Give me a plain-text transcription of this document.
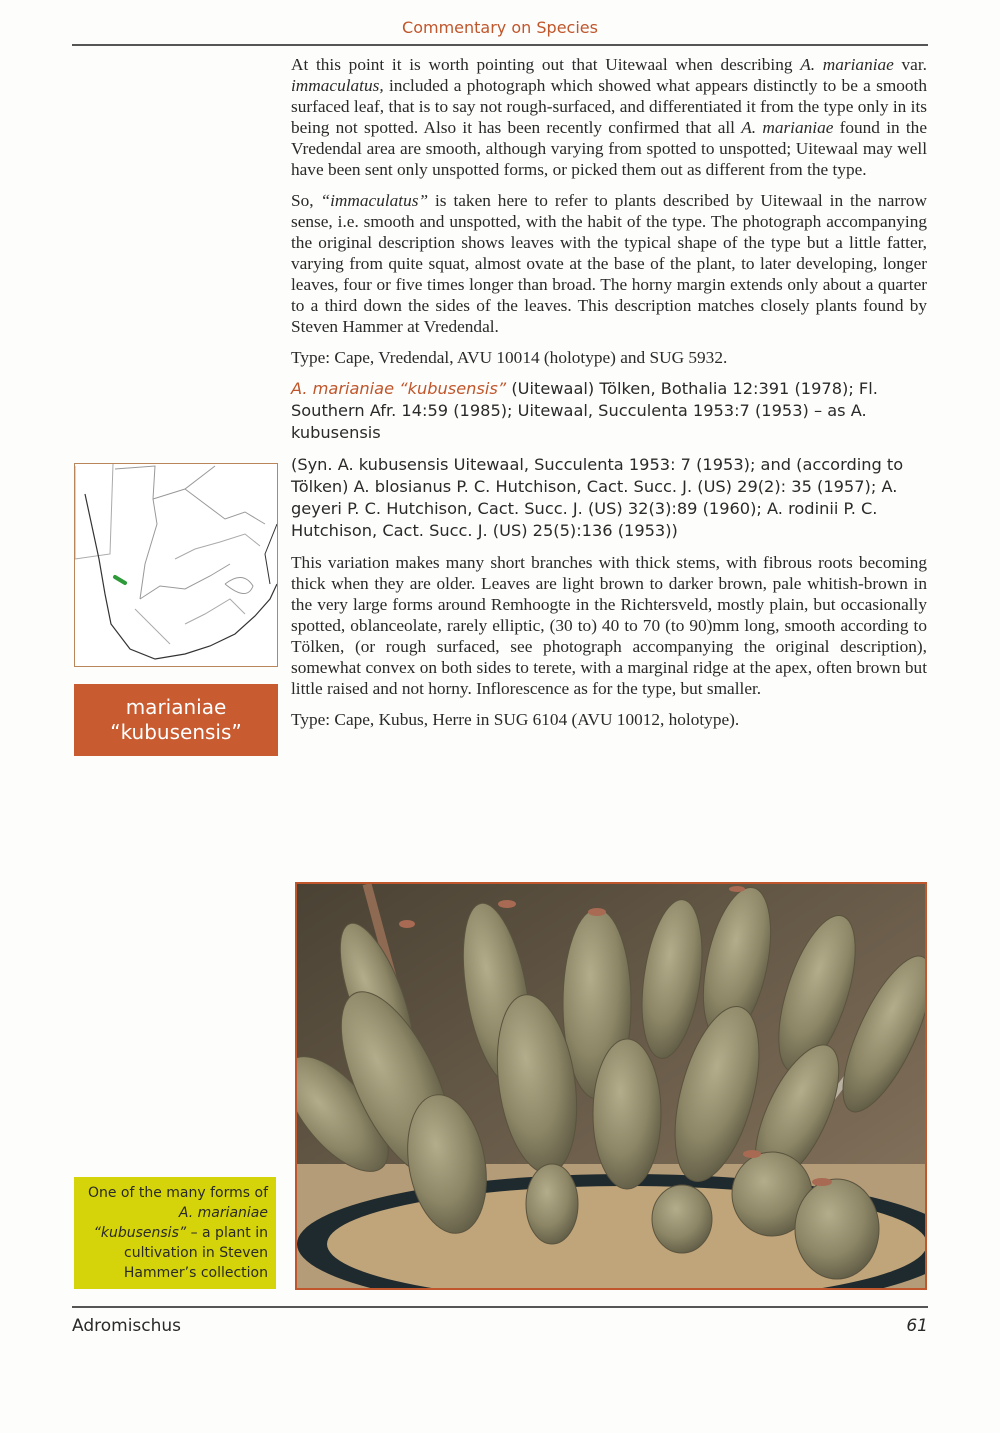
Commentary on Species

At this point it is worth pointing out that Uitewaal when describing A. marianiae var. immaculatus, included a photograph which showed what appears distinctly to be a smooth surfaced leaf, that is to say not rough-surfaced, and differentiated it from the type only in its being not spotted. Also it has been recently confirmed that all A. marianiae found in the Vredendal area are smooth, although varying from spotted to unspotted; Uitewaal may well have been sent only unspotted forms, or picked them out as different from the type.

So, “immaculatus” is taken here to refer to plants described by Uitewaal in the narrow sense, i.e. smooth and unspotted, with the habit of the type. The photograph accompanying the original description shows leaves with the typical shape of the type but a little fatter, varying from quite squat, almost ovate at the base of the plant, to later developing, longer leaves, four or five times longer than broad. The horny margin extends only about a quarter to a third down the sides of the leaves. This description matches closely plants found by Steven Hammer at Vredendal.

Type: Cape, Vredendal, AVU 10014 (holotype) and SUG 5932.

A. marianiae “kubusensis” (Uitewaal) Tölken, Bothalia 12:391 (1978); Fl. Southern Afr. 14:59 (1985); Uitewaal, Succulenta 1953:7 (1953) – as A. kubusensis

(Syn. A. kubusensis Uitewaal, Succulenta 1953: 7 (1953); and (according to Tölken) A. blosianus P. C. Hutchison, Cact. Succ. J. (US) 29(2): 35 (1957); A. geyeri P. C. Hutchison, Cact. Succ. J. (US) 32(3):89 (1960); A. rodinii P. C. Hutchison, Cact. Succ. J. (US) 25(5):136 (1953))

This variation makes many short branches with thick stems, with fibrous roots becoming thick when they are older. Leaves are light brown to darker brown, pale whitish-brown in the very large forms around Remhoogte in the Richtersveld, mostly plain, but occasionally spotted, oblanceolate, rarely elliptic, (30 to) 40 to 70 (to 90)mm long, smooth according to Tölken, (or rough surfaced, see photograph accompanying the original description), somewhat convex on both sides to terete, with a marginal ridge at the apex, often brown but little raised and not horny. Inflorescence as for the type, but smaller.

Type: Cape, Kubus, Herre in SUG 6104 (AVU 10012, holotype).

marianiae
“kubusensis”
One of the many forms of A. marianiae “kubusensis” – a plant in cultivation in Steven Hammer’s collection
Adromischus	61
